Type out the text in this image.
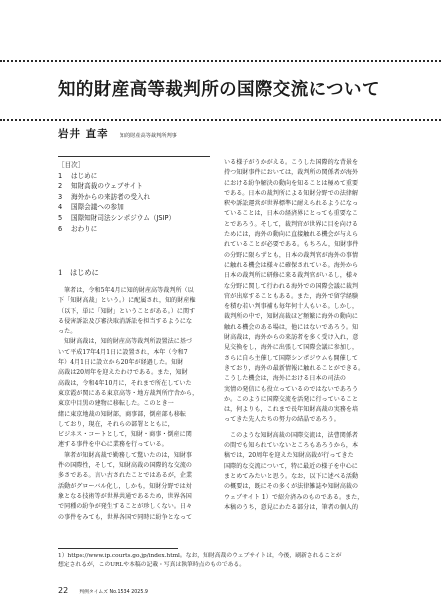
知的財産高等裁判所の国際交流について
岩井 直幸 知的財産高等裁判所判事
［目次］
1 はじめに
2 知財高裁のウェブサイト
3 海外からの来訪者の受入れ
4 国際会議への参加
5 国際知財司法シンポジウム（JSIP）
6 おわりに
1 はじめに
筆者は，令和5年4月に知的財産高等裁判所（以
下「知財高裁」という。）に配属され，知的財産権
（以下，単に「知財」ということがある。）に関す
る侵害訴訟及び審決取消訴訟を担当するようにな
った。
知財高裁は，知的財産高等裁判所設置法に基づ
いて平成17年4月1日に設置され，本年（令和7
年）4月1日に設立から20年が経過した。知財
高裁は20周年を迎えたわけである。また，知財
高裁は，令和4年10月に，それまで所在していた
東京霞が関にある東京高等・地方裁判所庁舎から，
東京中目黒の建物に移転した。このとき一
緒に東京地裁の知財部，商事部，倒産部も移転
しており，現在，それらの部署とともに，
ビジネス・コートとして，知財・商事・倒産に関
連する事件を中心に業務を行っている。
筆者が知財高裁で勤務して驚いたのは，知財事
件の国際性，そして，知財高裁の国際的な交流の
多さである。言い古されたことではあるが，企業
活動がグローバル化し，しかも，知財分野では対
象となる技術等が世界共通であるため，世界各国
で同種の紛争が発生することが珍しくない。日々
の事件をみても，世界各国で同時に紛争となって
いる様子がうかがえる。こうした国際的な背景を
持つ知財事件においては，裁判所の関係者が海外
における紛争解決の動向を知ることは極めて重要
である。日本の裁判所による知財分野での法律解
釈や訴訟運営が世界標準に耐えられるようになっ
ていることは，日本の経済界にとっても重要なこ
とであろう。そして，裁判官が世界に目を向ける
ためには，海外の動向に直接触れる機会が与えら
れていることが必要である。もちろん，知財事件
の分野に限らずとも，日本の裁判官が海外の事情
に触れる機会は様々に確保されている。海外から
日本の裁判所に研修に来る裁判官がいるし，様々
な分野に関して行われる海外での国際会議に裁判
官が出席することもある。また，海外で留学経験
を積む若い判事補も毎年何十人もいる。しかし，
裁判所の中で，知財高裁ほど頻繁に海外の動向に
触れる機会のある場は，他にはないであろう。知
財高裁は，海外からの来訪者を多く受け入れ，意
見交換をし，海外に出張して国際会議に参加し，
さらに自ら主催して国際シンポジウムも開催して
きており，海外の最新情報に触れることができる。
こうした機会は，海外における日本の司法の
実情の発信にも役立っているのではないであろう
か。このように国際交流を活発に行っていること
は，何よりも，これまで長年知財高裁の実務を培
ってきた先人たちの努力の結晶であろう。
このような知財高裁の国際交流は，法曹関係者
の間でも知られていないところもあろうから，本
稿では，20周年を迎えた知財高裁が行ってきた
国際的な交流について，特に最近の様子を中心に
まとめてみたいと思う。なお，以下に述べる活動
の概要は，既にその多くが法律雑誌や知財高裁の
ウェブサイト 1）で紹介済みのものである。また，
本稿のうち，意見にわたる部分は，筆者の個人的
1）https://www.ip.courts.go.jp/index.html。なお，知財高裁のウェブサイトは，今後，刷新されることが
想定されるが，このURLや本稿の記載・写真は執筆時点のものである。
22 判例タイムズ No.1534 2025.9
